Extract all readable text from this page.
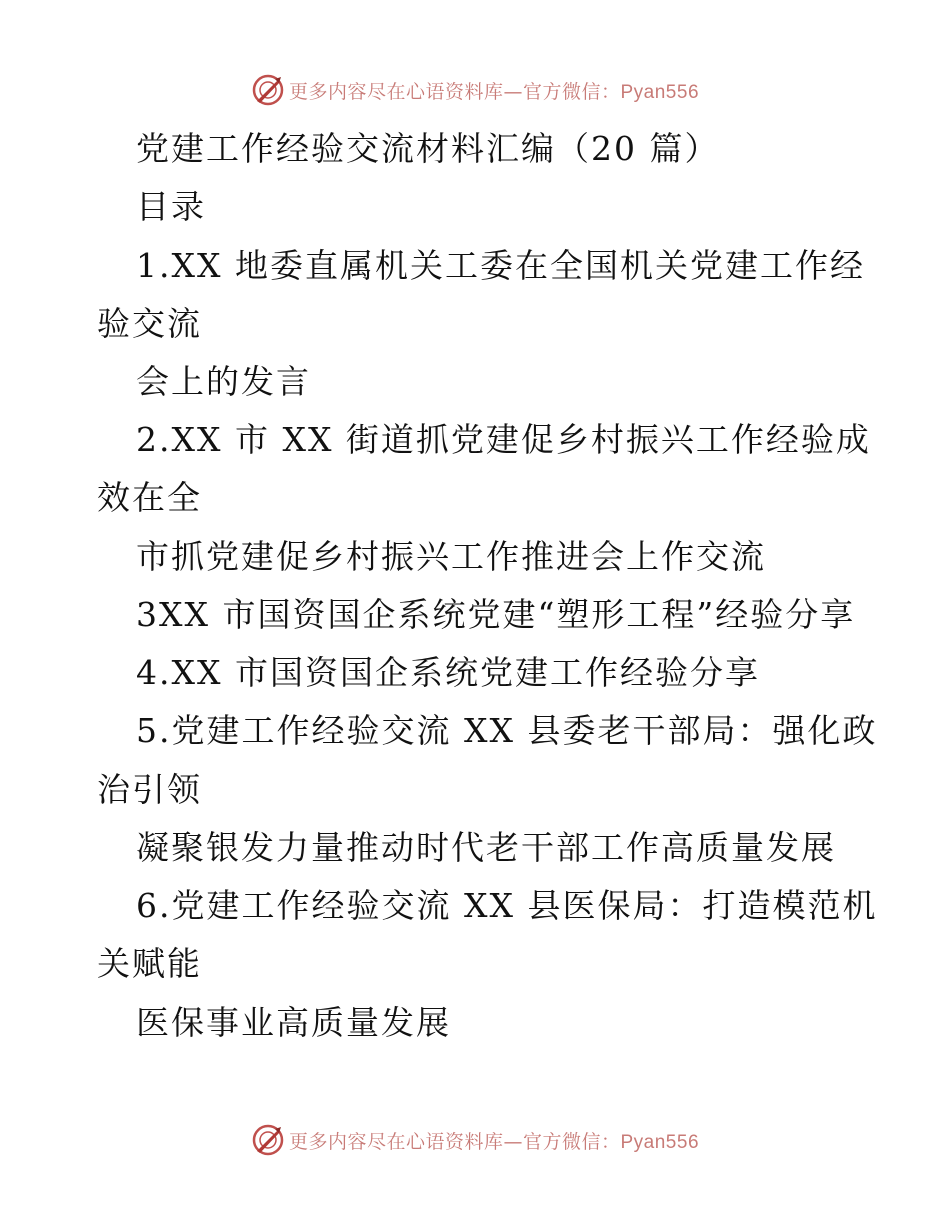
更多内容尽在心语资料库—官方微信：Pyan556
党建工作经验交流材料汇编（20 篇）
目录
1.XX 地委直属机关工委在全国机关党建工作经
验交流
会上的发言
2.XX 市 XX 街道抓党建促乡村振兴工作经验成
效在全
市抓党建促乡村振兴工作推进会上作交流
3XX 市国资国企系统党建“塑形工程”经验分享
4.XX 市国资国企系统党建工作经验分享
5.党建工作经验交流 XX 县委老干部局：强化政
治引领
凝聚银发力量推动时代老干部工作高质量发展
6.党建工作经验交流 XX 县医保局：打造模范机
关赋能
医保事业高质量发展
更多内容尽在心语资料库—官方微信：Pyan556
